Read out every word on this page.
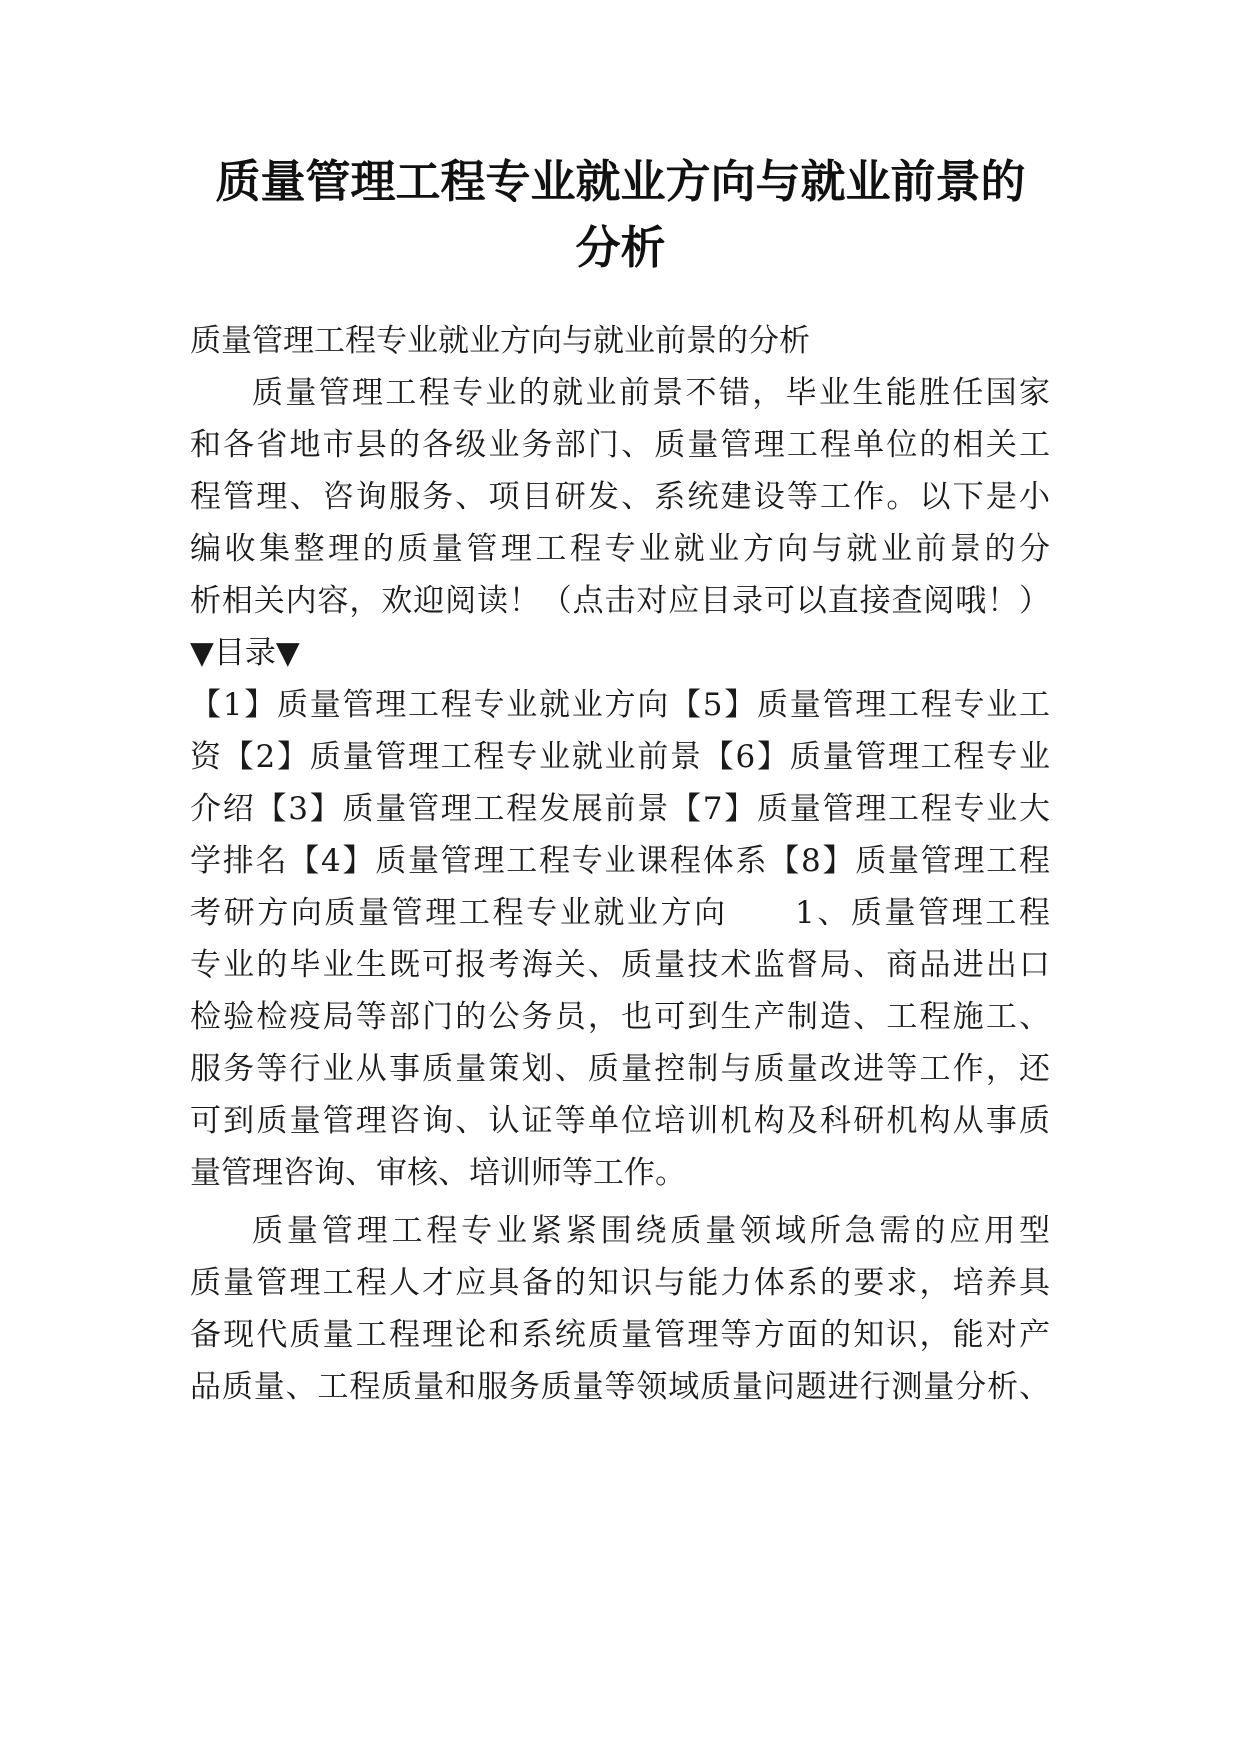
质量管理工程专业就业方向与就业前景的
分析
质量管理工程专业就业方向与就业前景的分析
质量管理工程专业的就业前景不错，毕业生能胜任国家
和各省地市县的各级业务部门、质量管理工程单位的相关工
程管理、咨询服务、项目研发、系统建设等工作。以下是小
编收集整理的质量管理工程专业就业方向与就业前景的分
析相关内容，欢迎阅读！（点击对应目录可以直接查阅哦！）
▼目录▼
【1】质量管理工程专业就业方向【5】质量管理工程专业工
资【2】质量管理工程专业就业前景【6】质量管理工程专业
介绍【3】质量管理工程发展前景【7】质量管理工程专业大
学排名【4】质量管理工程专业课程体系【8】质量管理工程
考研方向质量管理工程专业就业方向　　1、质量管理工程
专业的毕业生既可报考海关、质量技术监督局、商品进出口
检验检疫局等部门的公务员，也可到生产制造、工程施工、
服务等行业从事质量策划、质量控制与质量改进等工作，还
可到质量管理咨询、认证等单位培训机构及科研机构从事质
量管理咨询、审核、培训师等工作。
质量管理工程专业紧紧围绕质量领域所急需的应用型
质量管理工程人才应具备的知识与能力体系的要求，培养具
备现代质量工程理论和系统质量管理等方面的知识，能对产
品质量、工程质量和服务质量等领域质量问题进行测量分析、
